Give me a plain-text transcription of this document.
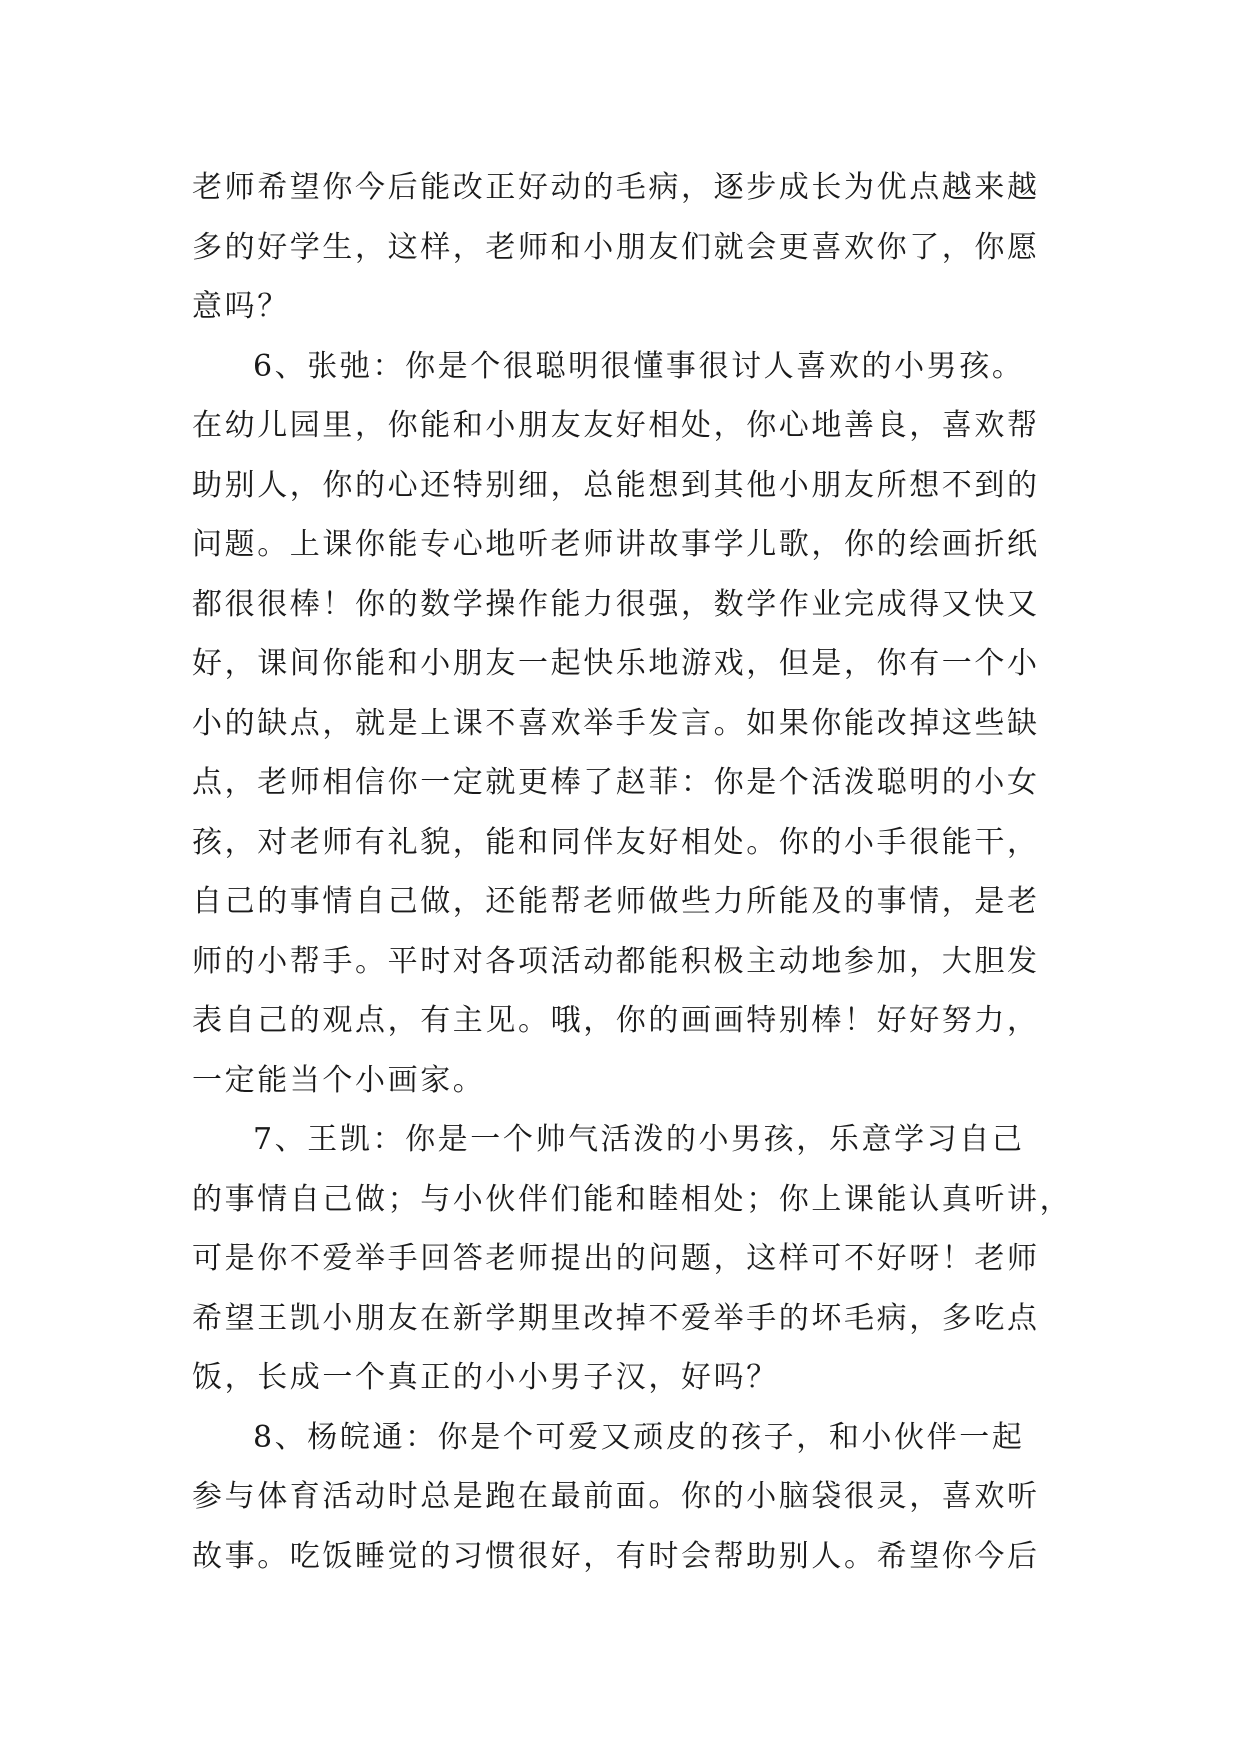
老师希望你今后能改正好动的毛病，逐步成长为优点越来越
多的好学生，这样，老师和小朋友们就会更喜欢你了，你愿
意吗？
6、张弛：你是个很聪明很懂事很讨人喜欢的小男孩。
在幼儿园里，你能和小朋友友好相处，你心地善良，喜欢帮
助别人，你的心还特别细，总能想到其他小朋友所想不到的
问题。上课你能专心地听老师讲故事学儿歌，你的绘画折纸
都很很棒！你的数学操作能力很强，数学作业完成得又快又
好，课间你能和小朋友一起快乐地游戏，但是，你有一个小
小的缺点，就是上课不喜欢举手发言。如果你能改掉这些缺
点，老师相信你一定就更棒了赵菲：你是个活泼聪明的小女
孩，对老师有礼貌，能和同伴友好相处。你的小手很能干，
自己的事情自己做，还能帮老师做些力所能及的事情，是老
师的小帮手。平时对各项活动都能积极主动地参加，大胆发
表自己的观点，有主见。哦，你的画画特别棒！好好努力，
一定能当个小画家。
7、王凯：你是一个帅气活泼的小男孩，乐意学习自己
的事情自己做；与小伙伴们能和睦相处；你上课能认真听讲，
可是你不爱举手回答老师提出的问题，这样可不好呀！老师
希望王凯小朋友在新学期里改掉不爱举手的坏毛病，多吃点
饭，长成一个真正的小小男子汉，好吗？
8、杨皖通：你是个可爱又顽皮的孩子，和小伙伴一起
参与体育活动时总是跑在最前面。你的小脑袋很灵，喜欢听
故事。吃饭睡觉的习惯很好，有时会帮助别人。希望你今后
